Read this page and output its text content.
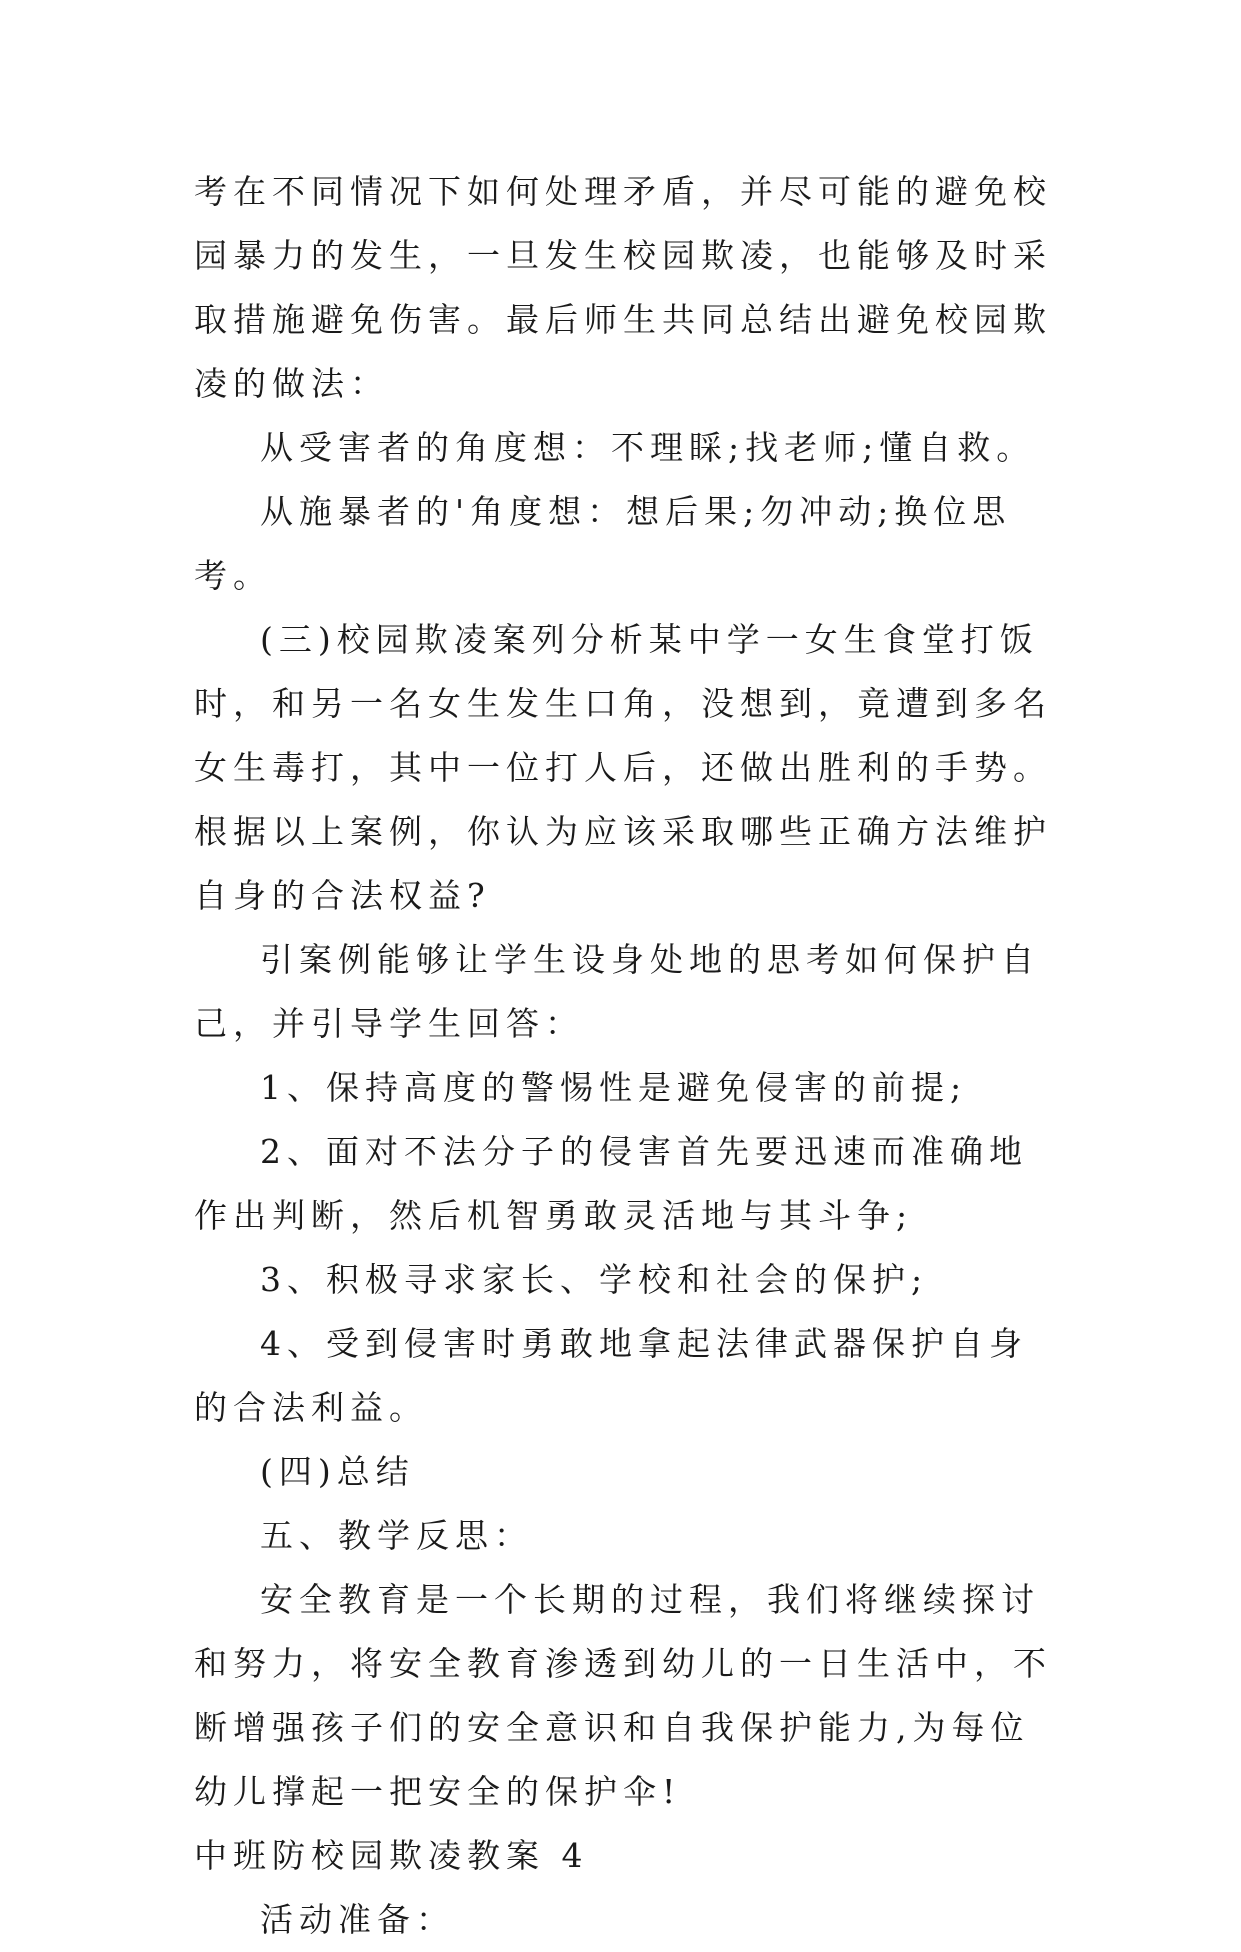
考在不同情况下如何处理矛盾，并尽可能的避免校园暴力的发生，一旦发生校园欺凌，也能够及时采取措施避免伤害。最后师生共同总结出避免校园欺凌的做法：

从受害者的角度想：不理睬;找老师;懂自救。

从施暴者的'角度想：想后果;勿冲动;换位思考。

(三)校园欺凌案列分析某中学一女生食堂打饭时，和另一名女生发生口角，没想到，竟遭到多名女生毒打，其中一位打人后，还做出胜利的手势。根据以上案例，你认为应该采取哪些正确方法维护自身的合法权益?

引案例能够让学生设身处地的思考如何保护自己，并引导学生回答：

1、保持高度的警惕性是避免侵害的前提;

2、面对不法分子的侵害首先要迅速而准确地作出判断，然后机智勇敢灵活地与其斗争;

3、积极寻求家长、学校和社会的保护;

4、受到侵害时勇敢地拿起法律武器保护自身的合法利益。

(四)总结

五、教学反思：

安全教育是一个长期的过程，我们将继续探讨和努力，将安全教育渗透到幼儿的一日生活中，不断增强孩子们的安全意识和自我保护能力,为每位幼儿撑起一把安全的保护伞!

中班防校园欺凌教案 4

活动准备：
